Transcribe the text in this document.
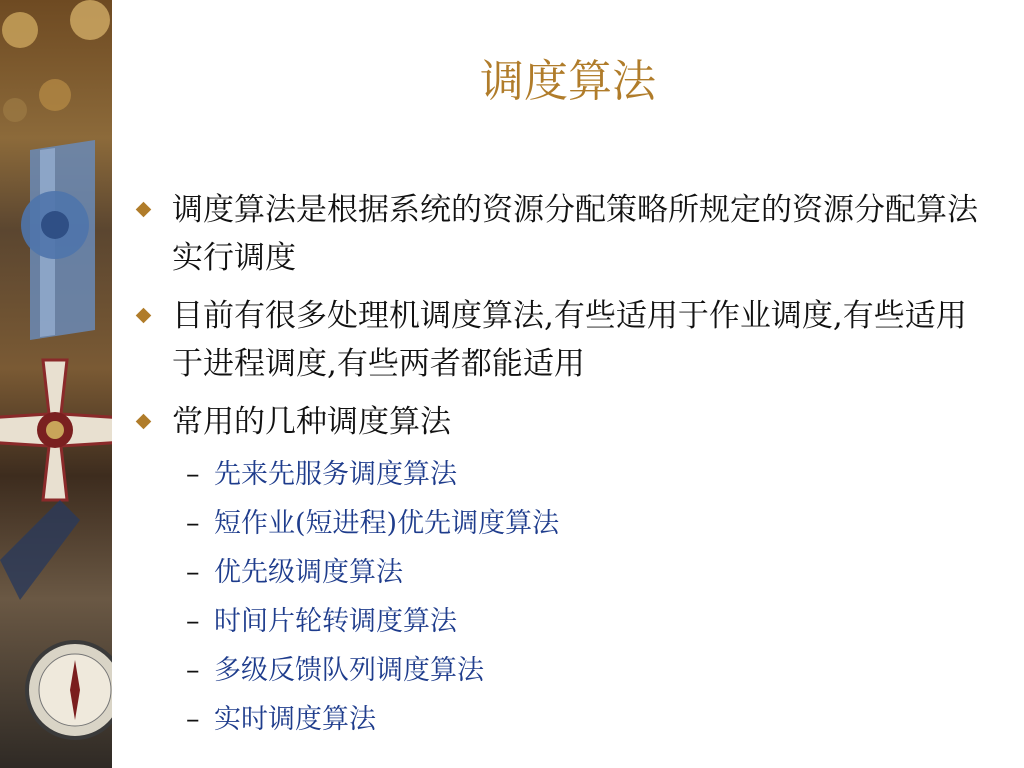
调度算法
调度算法是根据系统的资源分配策略所规定的资源分配算法实行调度
目前有很多处理机调度算法,有些适用于作业调度,有些适用于进程调度,有些两者都能适用
常用的几种调度算法
– 先来先服务调度算法
– 短作业(短进程)优先调度算法
– 优先级调度算法
– 时间片轮转调度算法
– 多级反馈队列调度算法
– 实时调度算法
